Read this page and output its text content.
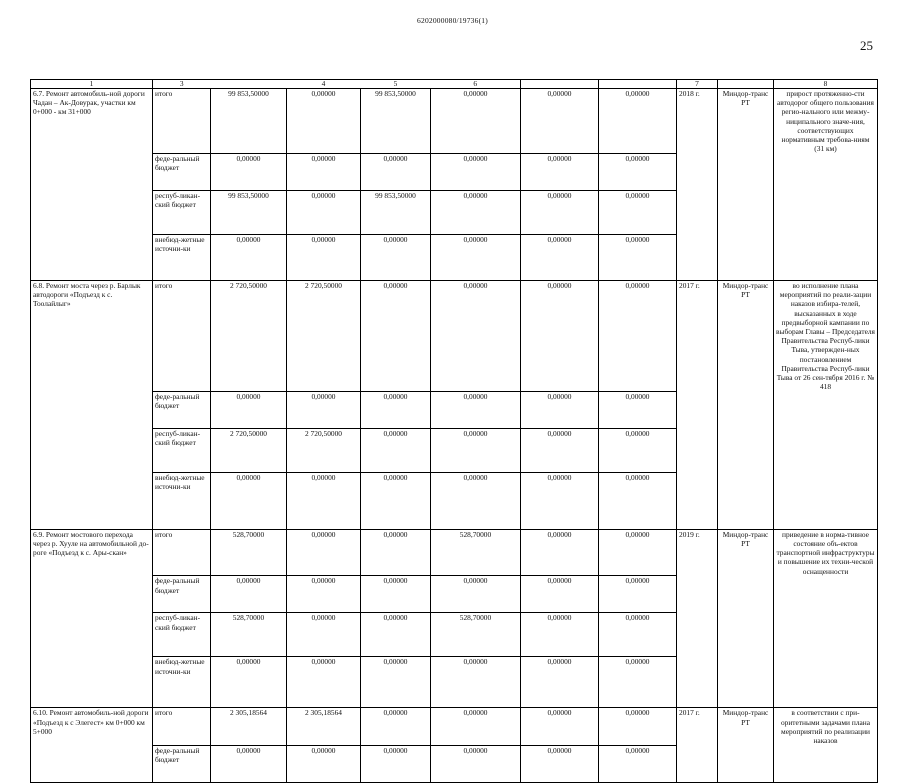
6202000080/19736(1)
25
1	3		4	5	6			7		8
6.7. Ремонт автомобиль-ной дороги Чадан – Ак-Довурак, участки км 0+000 - км 31+000	итого	99 853,50000	0,00000	99 853,50000	0,00000	0,00000	0,00000	2018 г.	Миндор-транс РТ	прирост протяженно-сти автодорог общего пользования регио-нального или межму-ниципального значе-ния, соответствующих нормативным требова-ниям (31 км)
	феде-ральный бюджет	0,00000	0,00000	0,00000	0,00000	0,00000	0,00000			
	респуб-ликан-ский бюджет	99 853,50000	0,00000	99 853,50000	0,00000	0,00000	0,00000			
	внебюд-жетные источни-ки	0,00000	0,00000	0,00000	0,00000	0,00000	0,00000			
6.8. Ремонт моста через р. Барлык автодороги «Подъезд к с. Тоолайлыг»	итого	2 720,50000	2 720,50000	0,00000	0,00000	0,00000	0,00000	2017 г.	Миндор-транс РТ	во исполнение плана мероприятий по реали-зации наказов избира-телей, высказанных в ходе предвыборной кампании по выборам Главы – Председателя Правительства Респуб-лики Тыва, утвержден-ных постановлением Правительства Респуб-лики Тыва от 26 сен-тября 2016 г. № 418
	феде-ральный бюджет	0,00000	0,00000	0,00000	0,00000	0,00000	0,00000			
	респуб-ликан-ский бюджет	2 720,50000	2 720,50000	0,00000	0,00000	0,00000	0,00000			
	внебюд-жетные источни-ки	0,00000	0,00000	0,00000	0,00000	0,00000	0,00000			
6.9. Ремонт мостового перехода через р. Хууле на автомобильной до-роге «Подъезд к с. Ары-скан»	итого	528,70000	0,00000	0,00000	528,70000	0,00000	0,00000	2019 г.	Миндор-транс РТ	приведение в норма-тивное состояние объ-ектов транспортной инфраструктуры и повышение их техни-ческой оснащенности
	феде-ральный бюджет	0,00000	0,00000	0,00000	0,00000	0,00000	0,00000			
	респуб-ликан-ский бюджет	528,70000	0,00000	0,00000	528,70000	0,00000	0,00000			
	внебюд-жетные источни-ки	0,00000	0,00000	0,00000	0,00000	0,00000	0,00000			
6.10. Ремонт автомобиль-ной дороги «Подъезд к с Элегест» км 0+000 км 5+000	итого	2 305,18564	2 305,18564	0,00000	0,00000	0,00000	0,00000	2017 г.	Миндор-транс РТ	в соответствии с при-оритетными задачами плана мероприятий по реализации наказов
	феде-ральный бюджет	0,00000	0,00000	0,00000	0,00000	0,00000	0,00000			
